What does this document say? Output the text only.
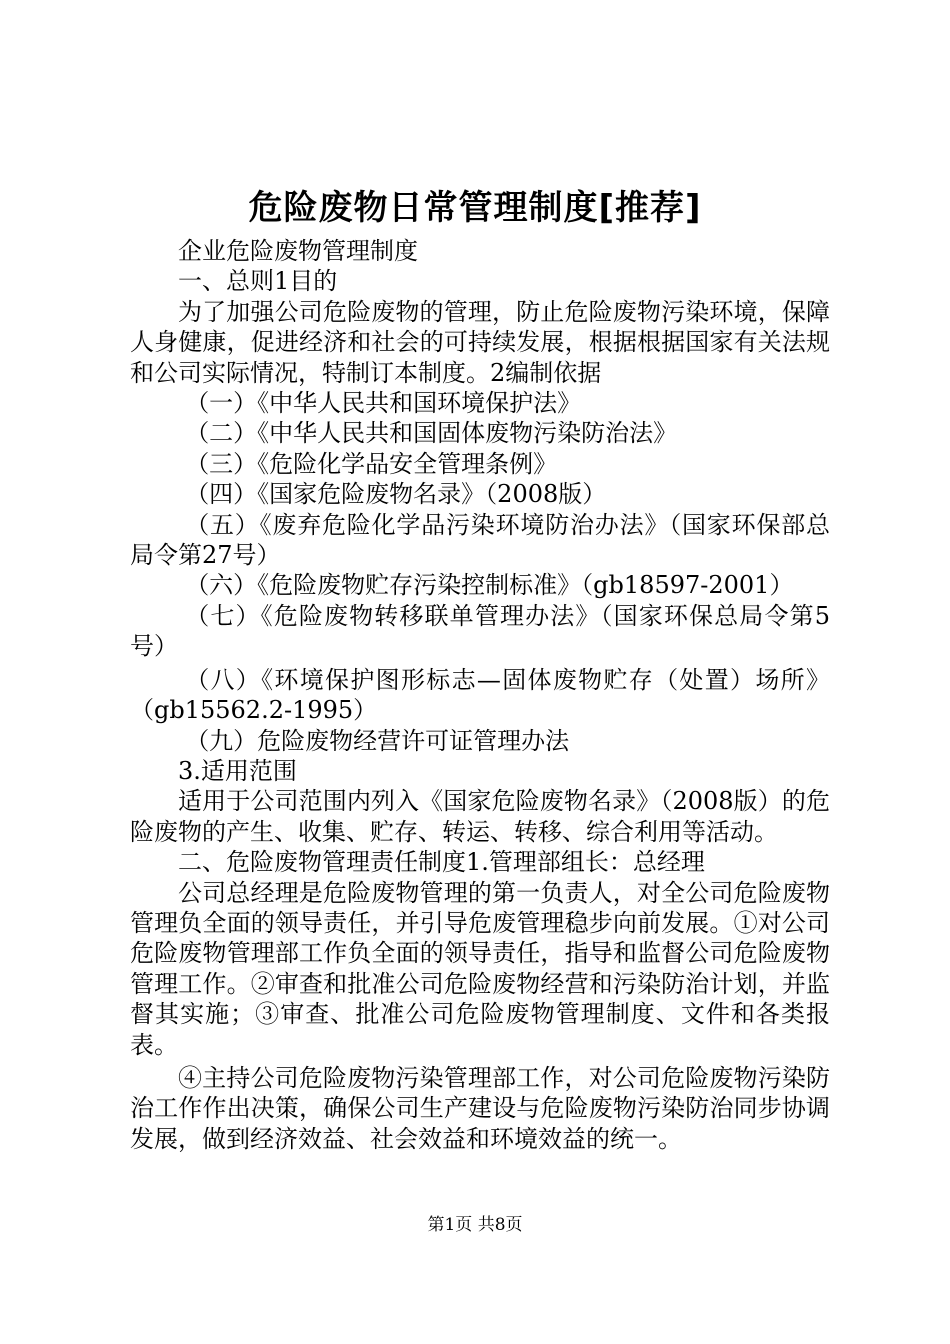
危险废物日常管理制度[推荐]

企业危险废物管理制度

一、总则1目的

为了加强公司危险废物的管理，防止危险废物污染环境，保障人身健康，促进经济和社会的可持续发展，根据根据国家有关法规和公司实际情况，特制订本制度。2编制依据

（一）《中华人民共和国环境保护法》

（二）《中华人民共和国固体废物污染防治法》

（三）《危险化学品安全管理条例》

（四）《国家危险废物名录》（2008版）

（五）《废弃危险化学品污染环境防治办法》（国家环保部总局令第27号）

（六）《危险废物贮存污染控制标准》（gb18597-2001）

（七）《危险废物转移联单管理办法》（国家环保总局令第5号）

（八）《环境保护图形标志—固体废物贮存（处置）场所》（gb15562.2-1995）

（九）危险废物经营许可证管理办法

3.适用范围

适用于公司范围内列入《国家危险废物名录》（2008版）的危险废物的产生、收集、贮存、转运、转移、综合利用等活动。

二、危险废物管理责任制度1.管理部组长：总经理

公司总经理是危险废物管理的第一负责人，对全公司危险废物管理负全面的领导责任，并引导危废管理稳步向前发展。①对公司危险废物管理部工作负全面的领导责任，指导和监督公司危险废物管理工作。②审查和批准公司危险废物经营和污染防治计划，并监督其实施；③审查、批准公司危险废物管理制度、文件和各类报表。

④主持公司危险废物污染管理部工作，对公司危险废物污染防治工作作出决策，确保公司生产建设与危险废物污染防治同步协调发展，做到经济效益、社会效益和环境效益的统一。

第1页 共8页
